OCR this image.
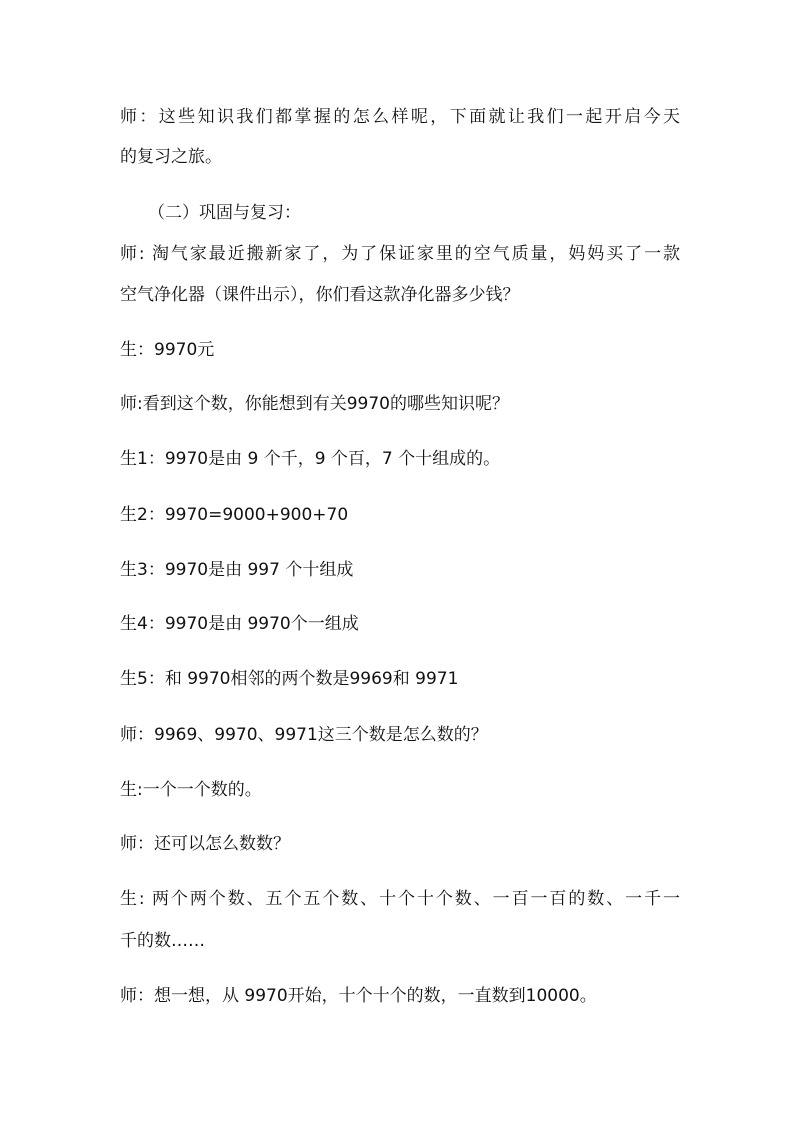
师：这些知识我们都掌握的怎么样呢，下面就让我们一起开启今天
的复习之旅。
（二）巩固与复习：
师: 淘气家最近搬新家了，为了保证家里的空气质量，妈妈买了一款
空气净化器（课件出示），你们看这款净化器多少钱？
生：9970元
师:看到这个数，你能想到有关9970的哪些知识呢？
生1：9970是由 9 个千，9 个百，7 个十组成的。
生2：9970=9000+900+70
生3：9970是由 997 个十组成
生4：9970是由 9970个一组成
生5：和 9970相邻的两个数是9969和 9971
师：9969、9970、9971这三个数是怎么数的？
生:一个一个数的。
师：还可以怎么数数？
生: 两个两个数、五个五个数、十个十个数、一百一百的数、一千一
千的数……
师：想一想，从 9970开始，十个十个的数，一直数到10000。
